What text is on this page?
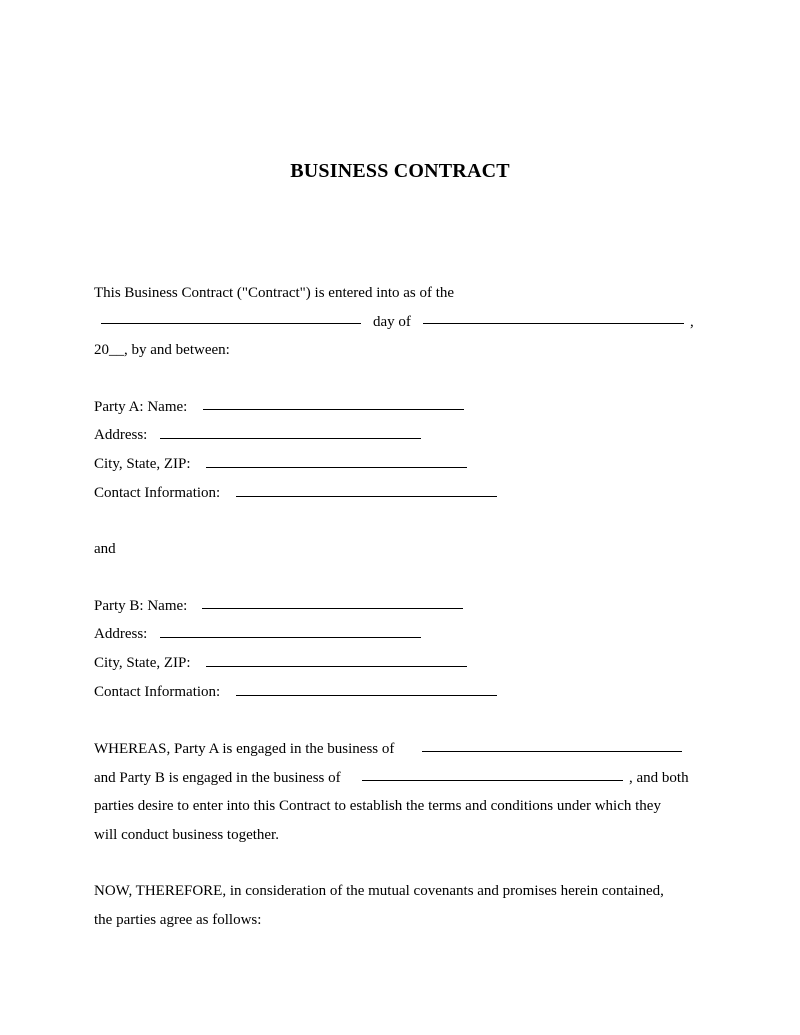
BUSINESS CONTRACT
This Business Contract ("Contract") is entered into as of the
day of	,
20__, by and between:
Party A: Name:
Address:
City, State, ZIP:
Contact Information:
and
Party B: Name:
Address:
City, State, ZIP:
Contact Information:
WHEREAS, Party A is engaged in the business of
and Party B is engaged in the business of	, and both
parties desire to enter into this Contract to establish the terms and conditions under which they
will conduct business together.
NOW, THEREFORE, in consideration of the mutual covenants and promises herein contained,
the parties agree as follows:
